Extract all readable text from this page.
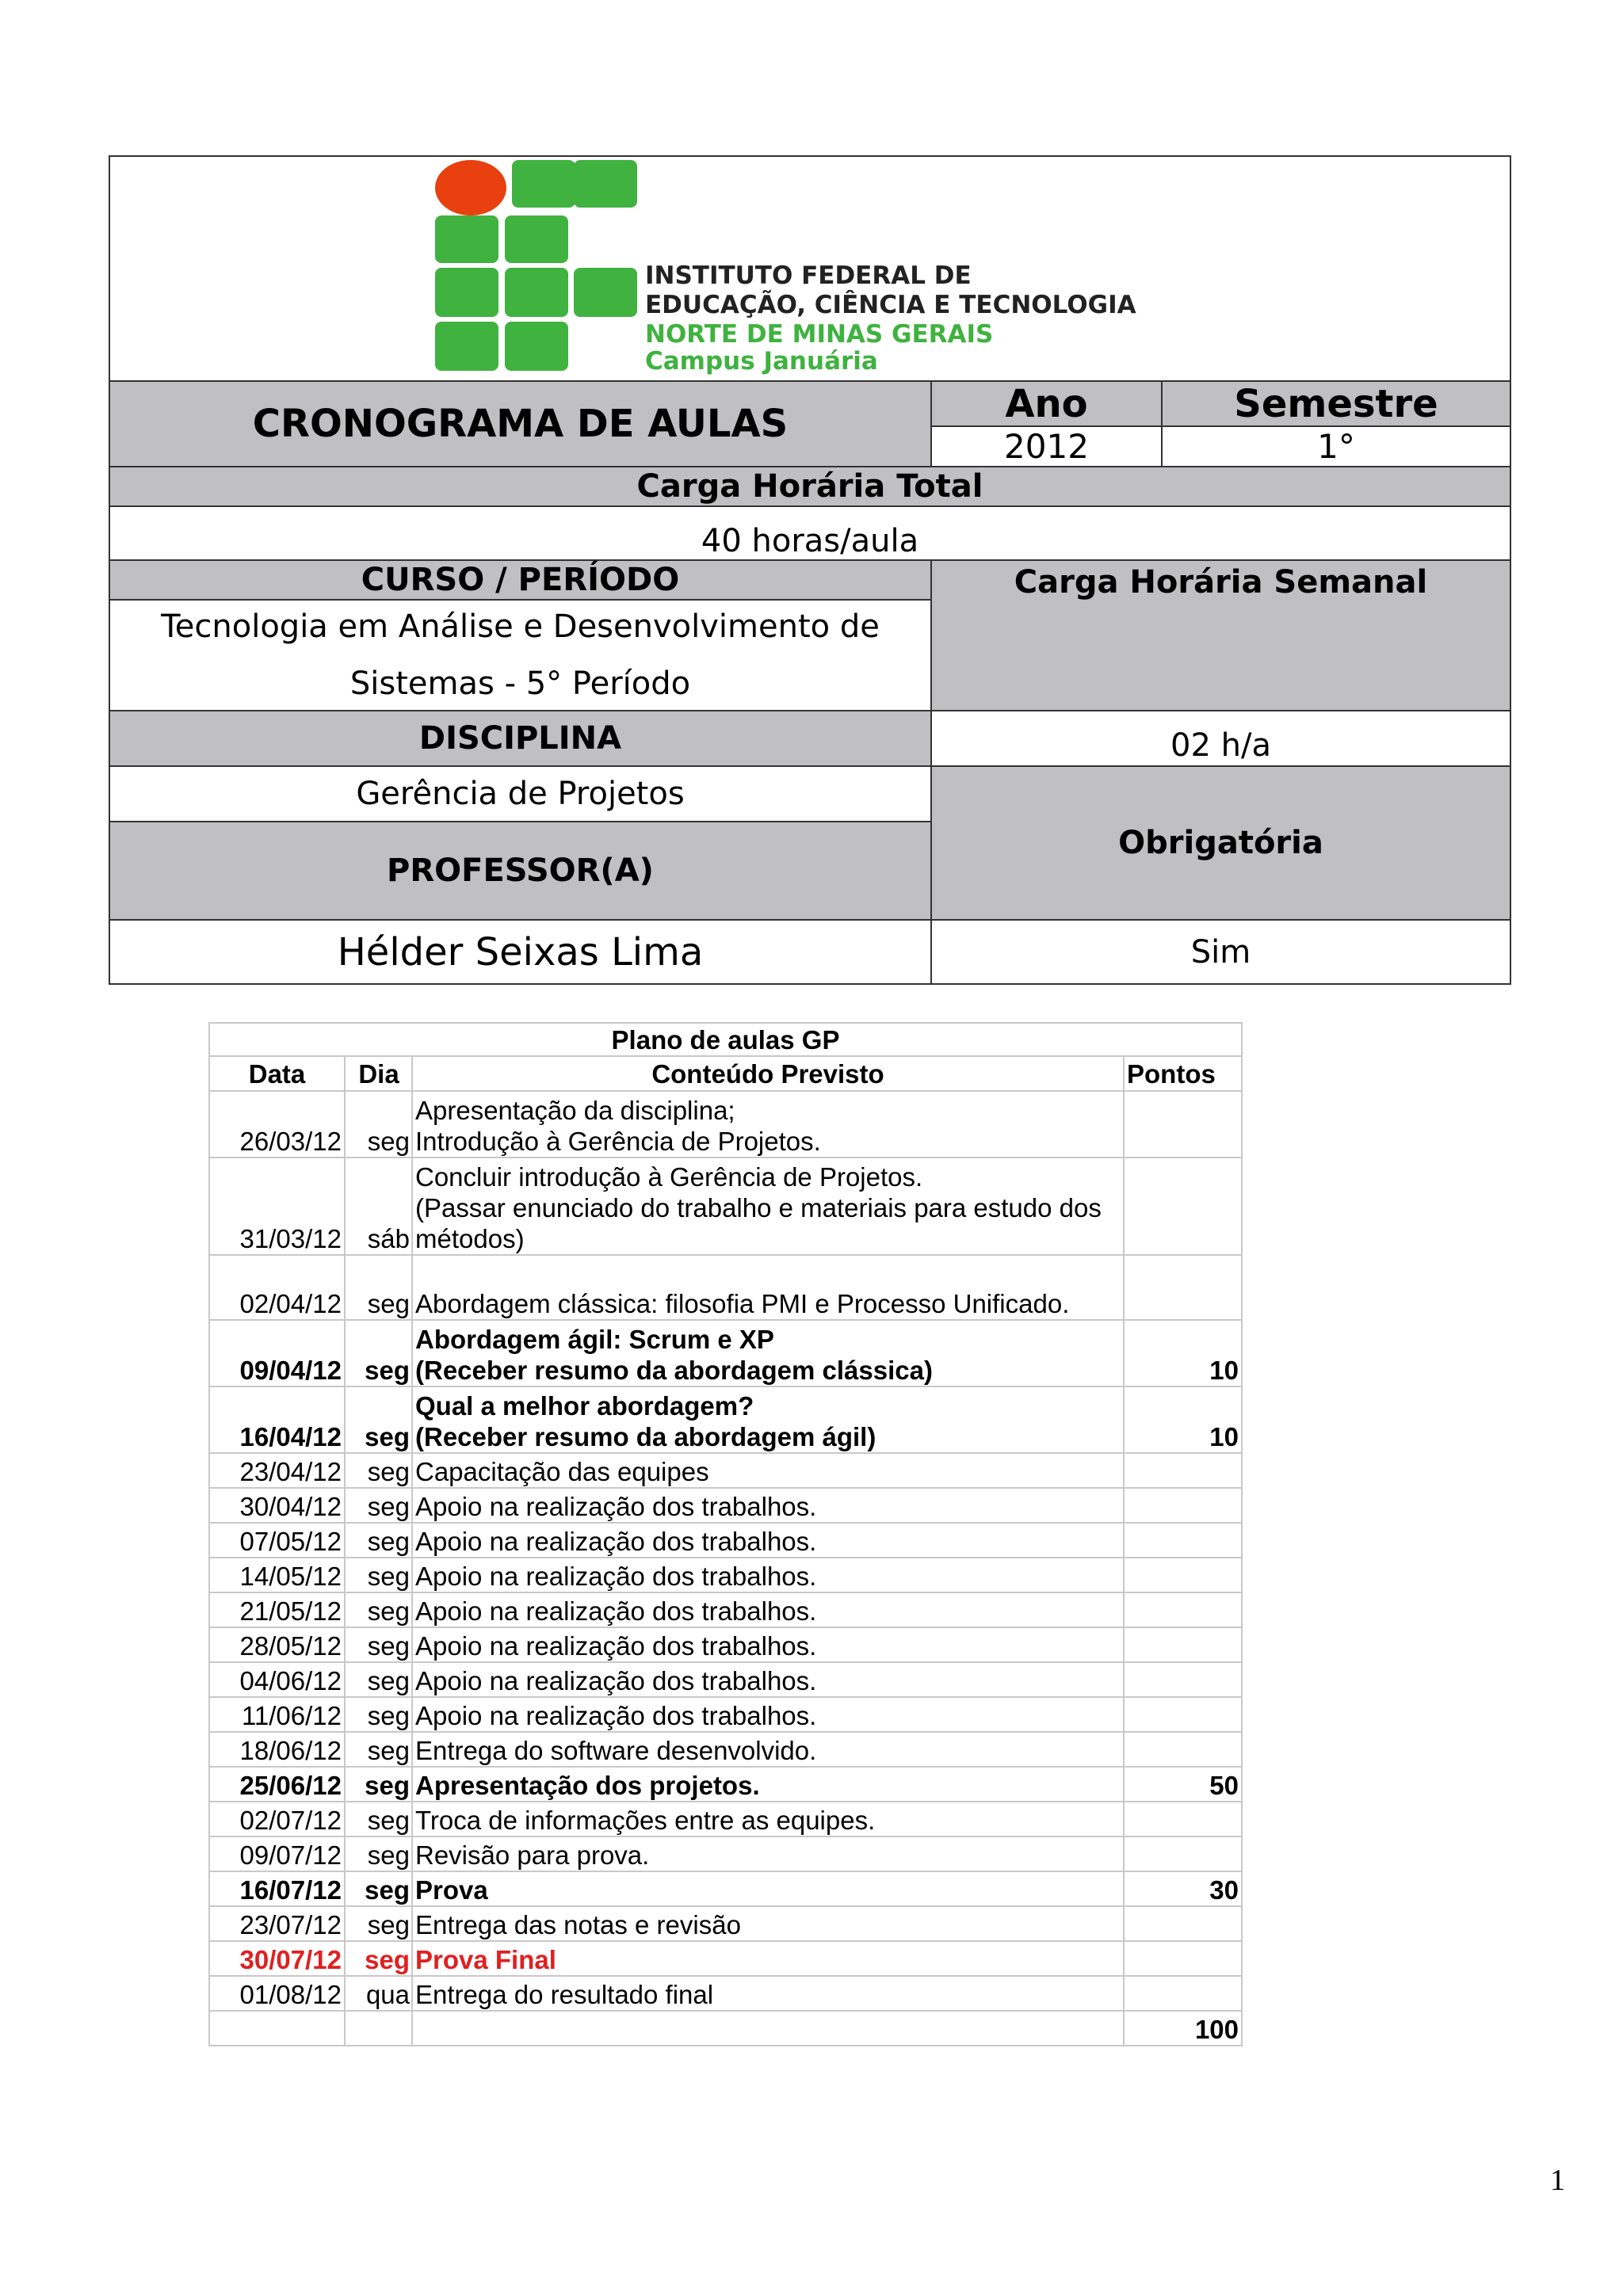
INSTITUTO FEDERAL DE
EDUCAÇÃO, CIÊNCIA E TECNOLOGIA
NORTE DE MINAS GERAIS
Campus Januária
CRONOGRAMA DE AULAS	Ano	Semestre
2012	1°
Carga Horária Total
40 horas/aula
CURSO / PERÍODO
Tecnologia em Análise e Desenvolvimento de
Sistemas - 5° Período
Carga Horária Semanal
DISCIPLINA	02 h/a
Gerência de Projetos
PROFESSOR(A)
Obrigatória
Hélder Seixas Lima	Sim
Plano de aulas GP			
Data	Dia	Conteúdo Previsto	Pontos
26/03/12	seg	Apresentação da disciplina;
Introdução à Gerência de Projetos.	

31/03/12	sáb	Concluir introdução à Gerência de Projetos.
(Passar enunciado do trabalho e materiais para estudo dos
métodos)	

02/04/12	seg	Abordagem clássica: filosofia PMI e Processo Unificado.	

09/04/12	seg	Abordagem ágil: Scrum e XP
(Receber resumo da abordagem clássica)	10
16/04/12	seg	Qual a melhor abordagem?
(Receber resumo da abordagem ágil)	10
23/04/12	seg	Capacitação das equipes	

30/04/12	seg	Apoio na realização dos trabalhos.	

07/05/12	seg	Apoio na realização dos trabalhos.	

14/05/12	seg	Apoio na realização dos trabalhos.	

21/05/12	seg	Apoio na realização dos trabalhos.	

28/05/12	seg	Apoio na realização dos trabalhos.	

04/06/12	seg	Apoio na realização dos trabalhos.	

11/06/12	seg	Apoio na realização dos trabalhos.	

18/06/12	seg	Entrega do software desenvolvido.	

25/06/12	seg	Apresentação dos projetos.	50
02/07/12	seg	Troca de informações entre as equipes.	

09/07/12	seg	Revisão para prova.	

16/07/12	seg	Prova	30
23/07/12	seg	Entrega das notas e revisão	

30/07/12	seg	Prova Final	

01/08/12	qua	Entrega do resultado final	

			100
1
